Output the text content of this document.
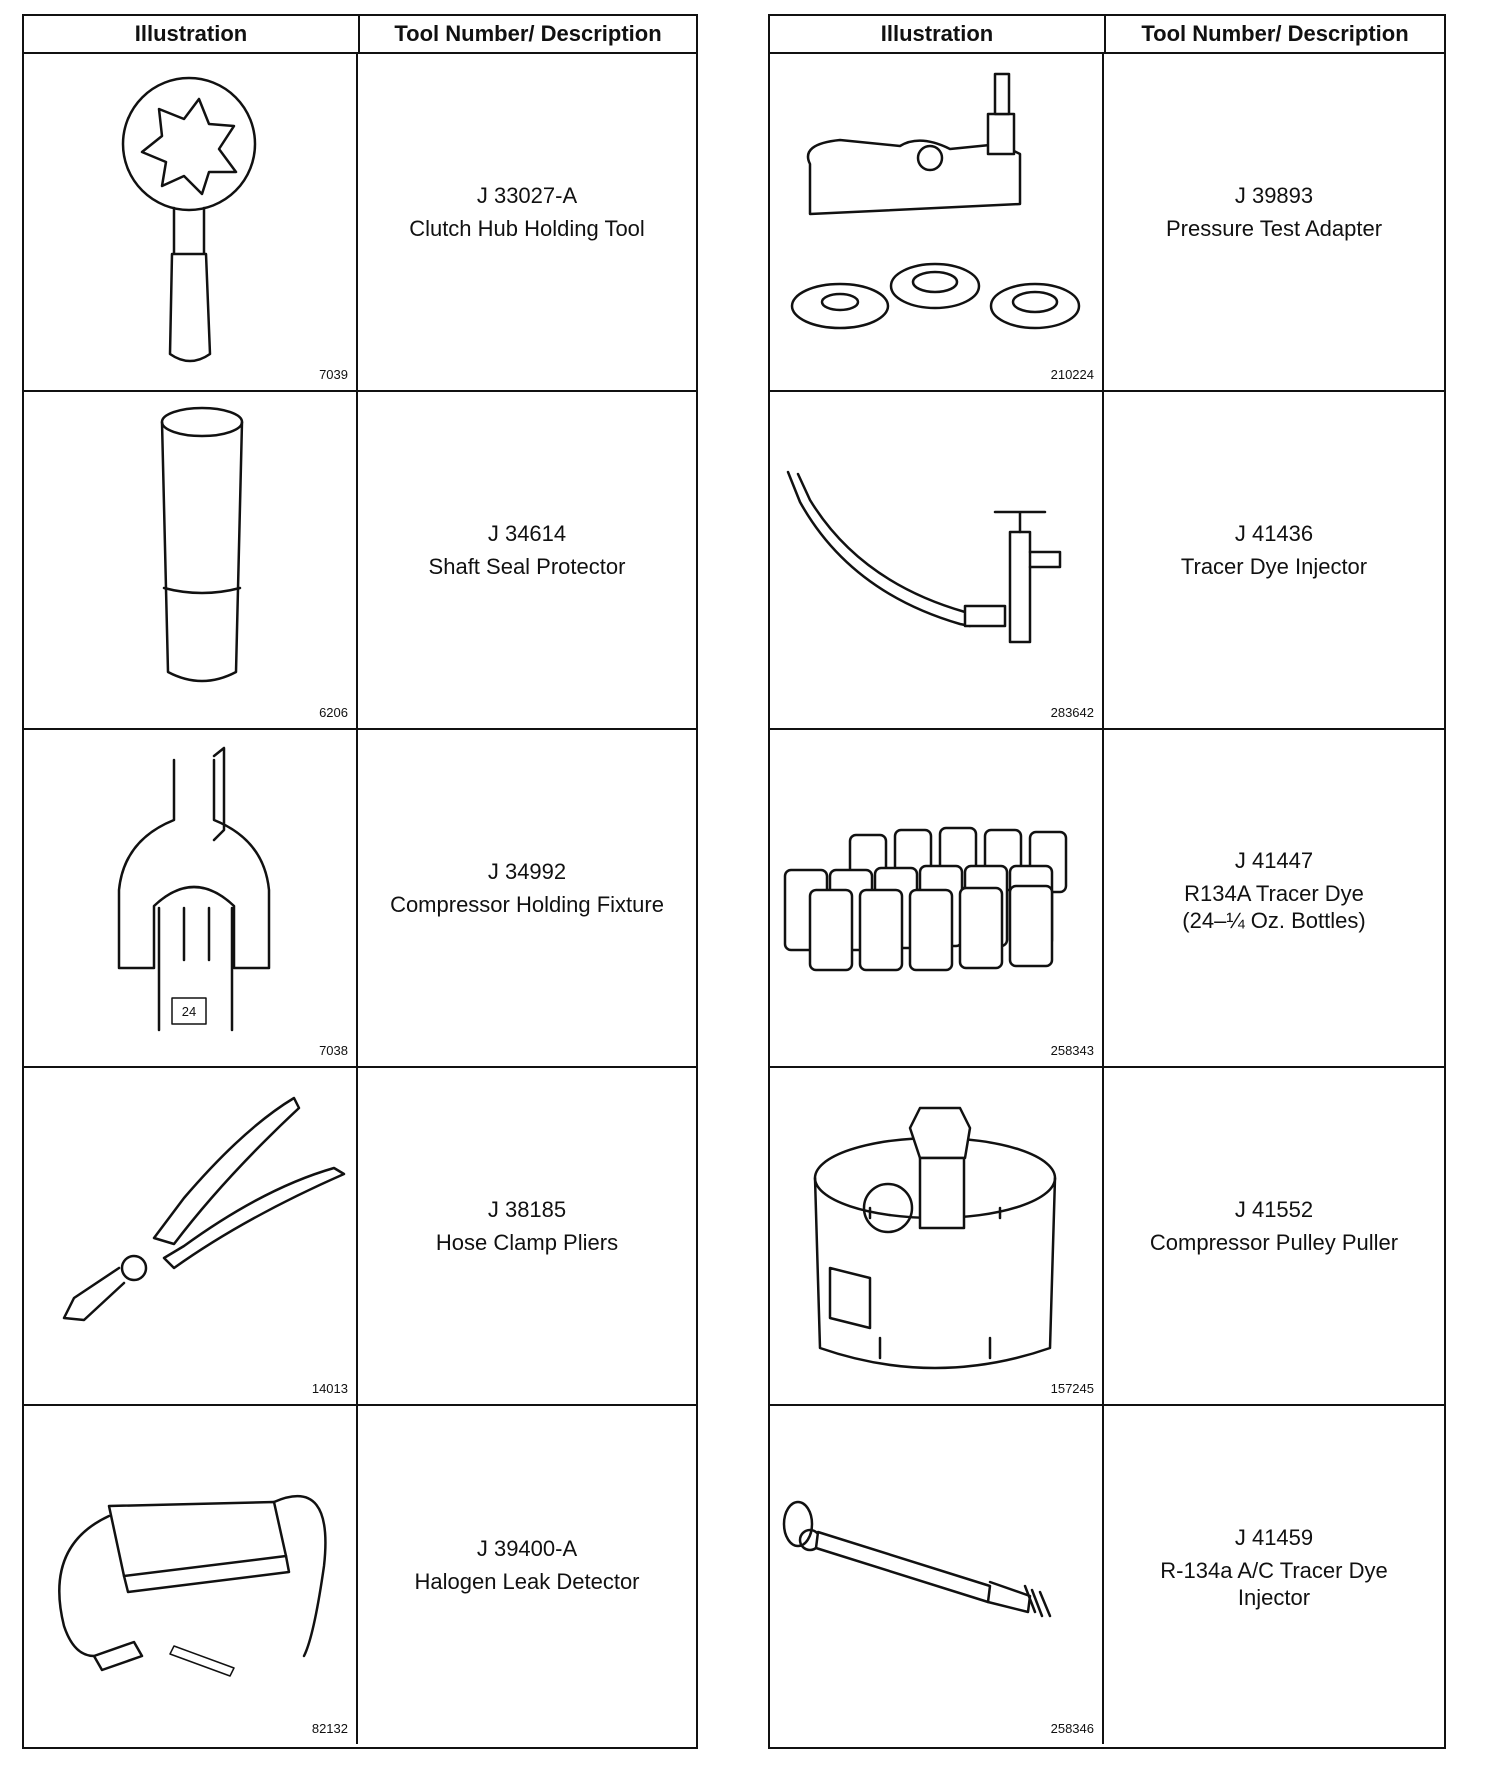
Illustration	Tool Number/ Description
7039
J 33027-A
Clutch Hub Holding Tool
6206
J 34614
Shaft Seal Protector
24
7038
J 34992
Compressor Holding Fixture
14013
J 38185
Hose Clamp Pliers
82132
J 39400-A
Halogen Leak Detector
Illustration	Tool Number/ Description
210224
J 39893
Pressure Test Adapter
283642
J 41436
Tracer Dye Injector
258343
J 41447
R134A Tracer Dye
(24–¼ Oz. Bottles)
157245
J 41552
Compressor Pulley Puller
258346
J 41459
R-134a A/C Tracer Dye
Injector
